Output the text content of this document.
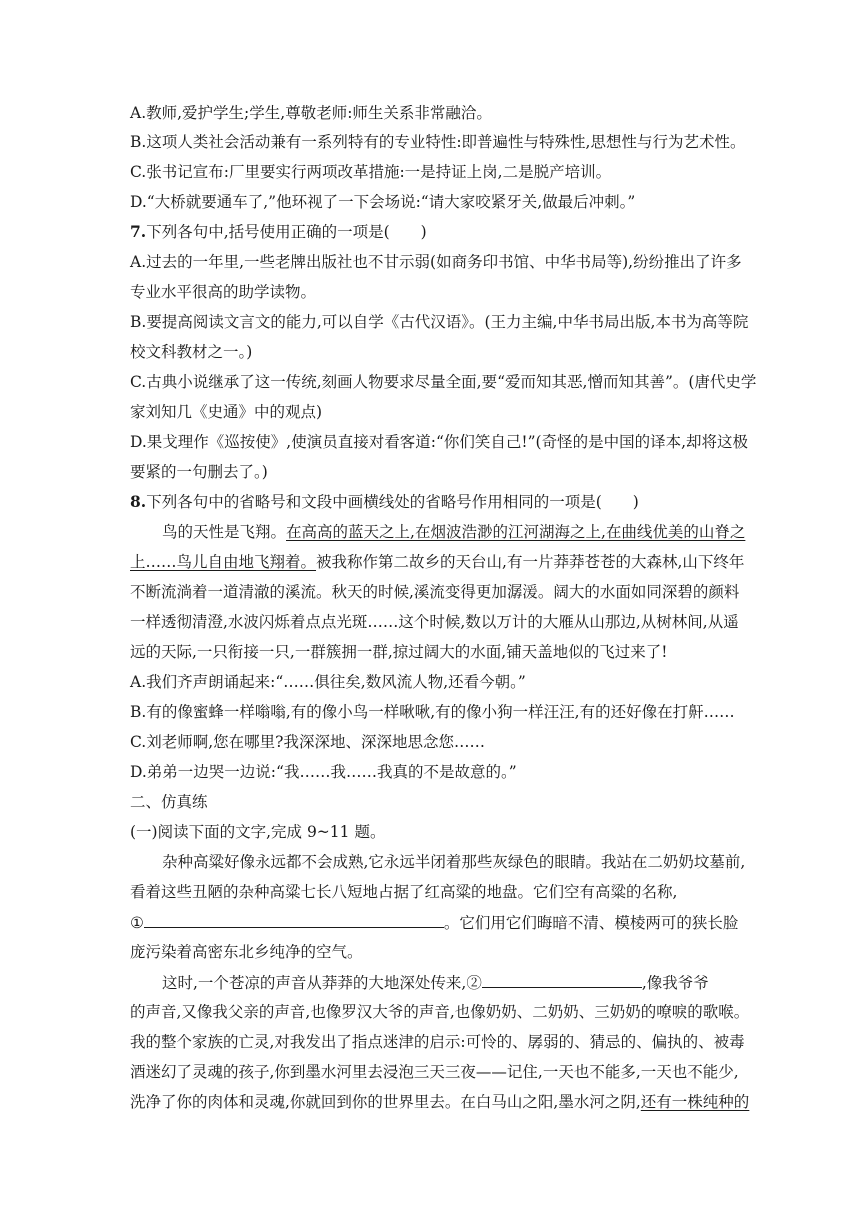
A.教师,爱护学生;学生,尊敬老师:师生关系非常融洽。
B.这项人类社会活动兼有一系列特有的专业特性:即普遍性与特殊性,思想性与行为艺术性。
C.张书记宣布:厂里要实行两项改革措施:一是持证上岗,二是脱产培训。
D.“大桥就要通车了,”他环视了一下会场说:“请大家咬紧牙关,做最后冲刺。”
7.下列各句中,括号使用正确的一项是(　　)
A.过去的一年里,一些老牌出版社也不甘示弱(如商务印书馆、中华书局等),纷纷推出了许多
专业水平很高的助学读物。
B.要提高阅读文言文的能力,可以自学《古代汉语》。(王力主编,中华书局出版,本书为高等院
校文科教材之一。)
C.古典小说继承了这一传统,刻画人物要求尽量全面,要“爱而知其恶,憎而知其善”。(唐代史学
家刘知几《史通》中的观点)
D.果戈理作《巡按使》,使演员直接对看客道:“你们笑自己!”(奇怪的是中国的译本,却将这极
要紧的一句删去了。)
8.下列各句中的省略号和文段中画横线处的省略号作用相同的一项是(　　)
鸟的天性是飞翔。在高高的蓝天之上,在烟波浩渺的江河湖海之上,在曲线优美的山脊之
上……鸟儿自由地飞翔着。被我称作第二故乡的天台山,有一片莽莽苍苍的大森林,山下终年
不断流淌着一道清澈的溪流。秋天的时候,溪流变得更加潺湲。阔大的水面如同深碧的颜料
一样透彻清澄,水波闪烁着点点光斑……这个时候,数以万计的大雁从山那边,从树林间,从遥
远的天际,一只衔接一只,一群簇拥一群,掠过阔大的水面,铺天盖地似的飞过来了!
A.我们齐声朗诵起来:“……俱往矣,数风流人物,还看今朝。”
B.有的像蜜蜂一样嗡嗡,有的像小鸟一样啾啾,有的像小狗一样汪汪,有的还好像在打鼾……
C.刘老师啊,您在哪里?我深深地、深深地思念您……
D.弟弟一边哭一边说:“我……我……我真的不是故意的。”
二、仿真练
(一)阅读下面的文字,完成 9~11 题。
杂种高粱好像永远都不会成熟,它永远半闭着那些灰绿色的眼睛。我站在二奶奶坟墓前,
看着这些丑陋的杂种高粱七长八短地占据了红高粱的地盘。它们空有高粱的名称,
①	。它们用它们晦暗不清、模棱两可的狭长脸
庞污染着高密东北乡纯净的空气。
这时,一个苍凉的声音从莽莽的大地深处传来,②	,像我爷爷
的声音,又像我父亲的声音,也像罗汉大爷的声音,也像奶奶、二奶奶、三奶奶的嘹唳的歌喉。
我的整个家族的亡灵,对我发出了指点迷津的启示:可怜的、孱弱的、猜忌的、偏执的、被毒
酒迷幻了灵魂的孩子,你到墨水河里去浸泡三天三夜——记住,一天也不能多,一天也不能少,
洗净了你的肉体和灵魂,你就回到你的世界里去。在白马山之阳,墨水河之阴,还有一株纯种的
